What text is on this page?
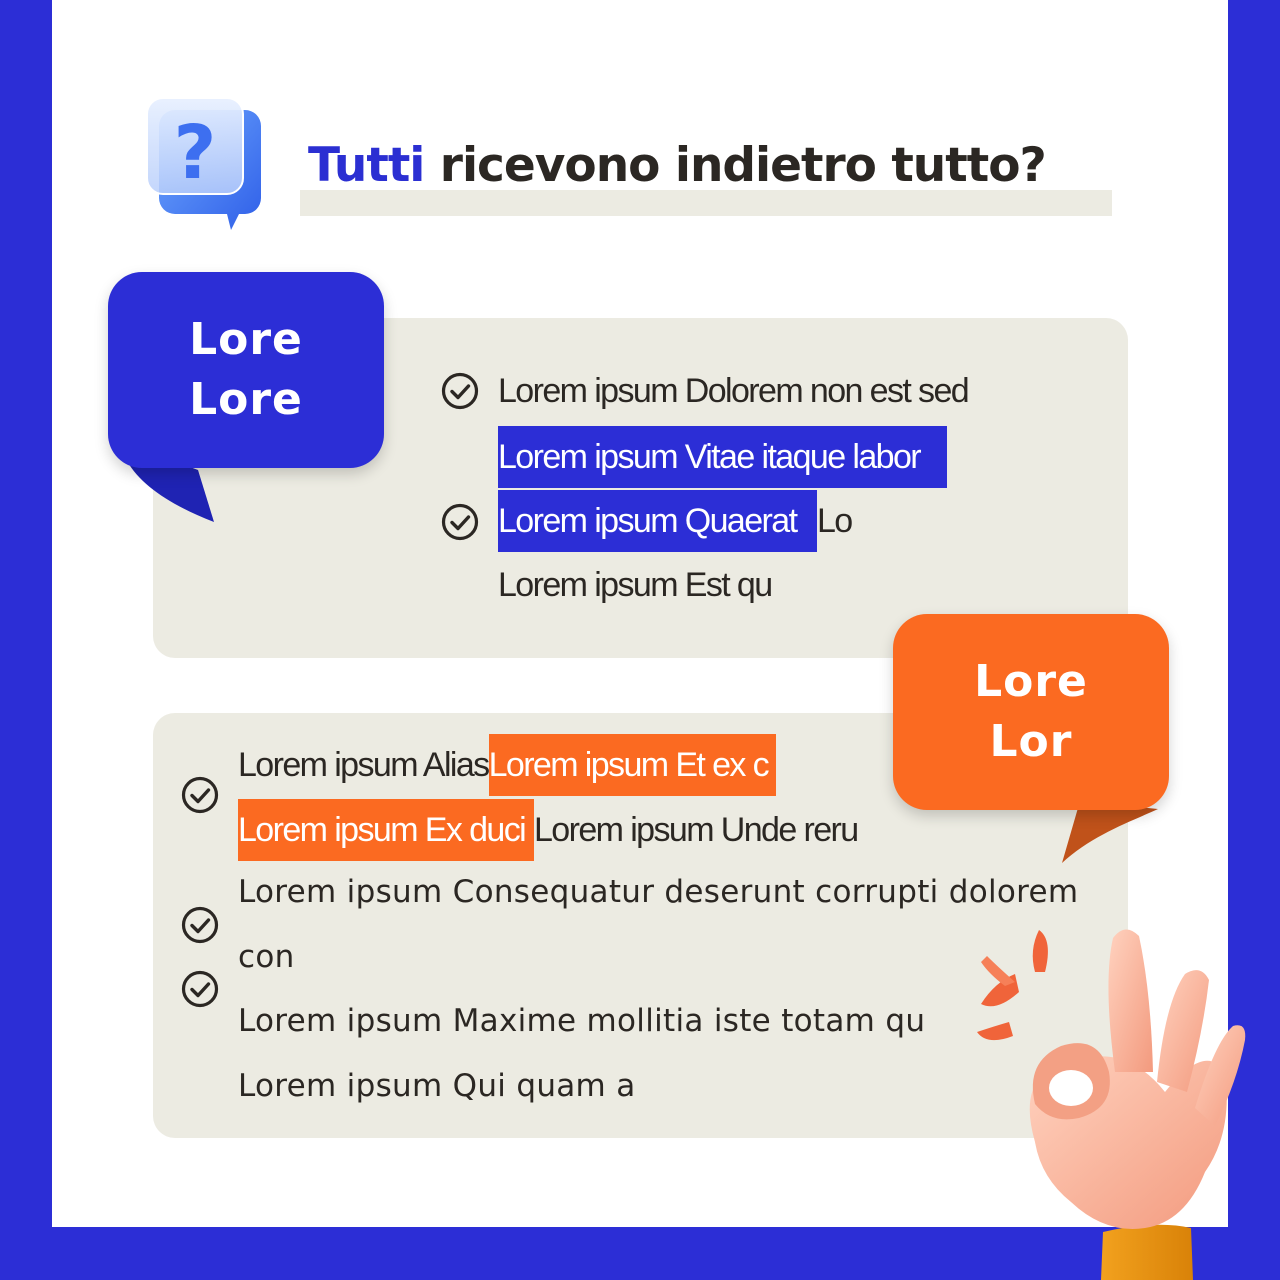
? Tutti ricevono indietro tutto?
Lore
Lore	Lorem ipsum Dolorem non est sed
Lorem ipsum Vitae itaque labor
Lorem ipsum QuaeratLo
Lorem ipsum Est qu
Lore
Lor
Lorem ipsum AliasLorem ipsum Et ex c
Lorem ipsum Ex duci Lorem ipsum Unde reru
Lorem ipsum Consequatur deserunt corrupti dolorem
con
Lorem ipsum Maxime mollitia iste totam qu
Lorem ipsum Qui quam a
